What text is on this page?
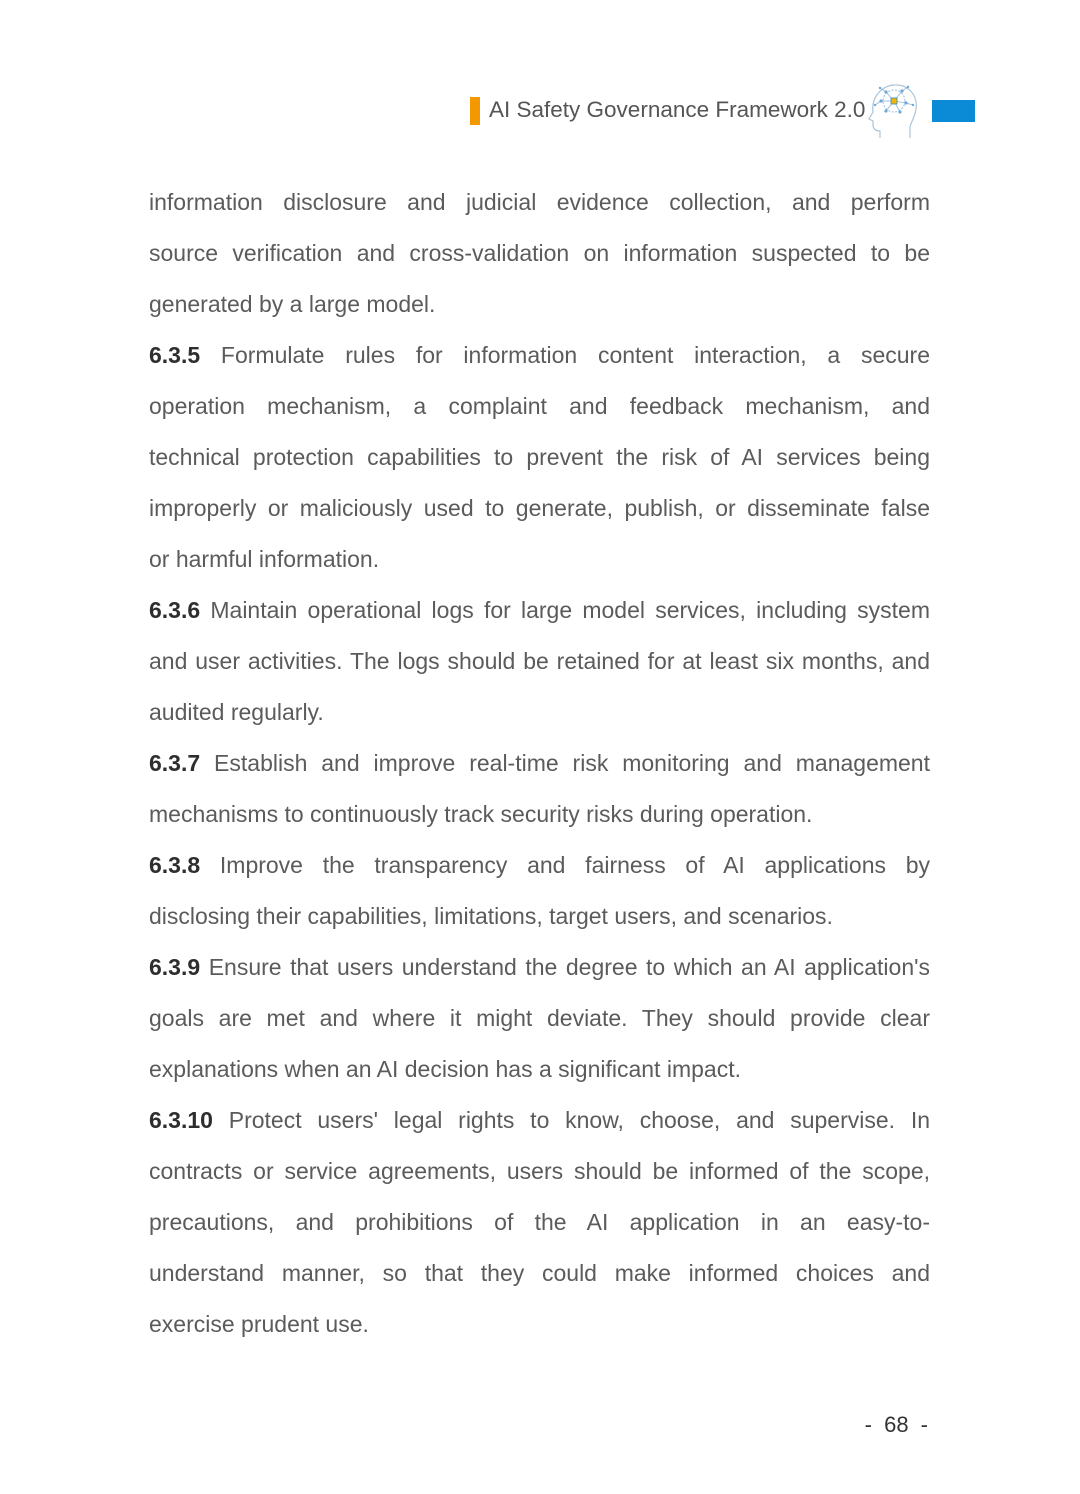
AI Safety Governance Framework 2.0
information disclosure and judicial evidence collection, and perform
source verification and cross-validation on information suspected to be
generated by a large model.
6.3.5 Formulate rules for information content interaction, a secure
operation mechanism, a complaint and feedback mechanism, and
technical protection capabilities to prevent the risk of AI services being
improperly or maliciously used to generate, publish, or disseminate false
or harmful information.
6.3.6 Maintain operational logs for large model services, including system
and user activities. The logs should be retained for at least six months, and
audited regularly.
6.3.7 Establish and improve real-time risk monitoring and management
mechanisms to continuously track security risks during operation.
6.3.8 Improve the transparency and fairness of AI applications by
disclosing their capabilities, limitations, target users, and scenarios.
6.3.9 Ensure that users understand the degree to which an AI application's
goals are met and where it might deviate. They should provide clear
explanations when an AI decision has a significant impact.
6.3.10 Protect users' legal rights to know, choose, and supervise. In
contracts or service agreements, users should be informed of the scope,
precautions, and prohibitions of the AI application in an easy-to-
understand manner, so that they could make informed choices and
exercise prudent use.
- 68 -
